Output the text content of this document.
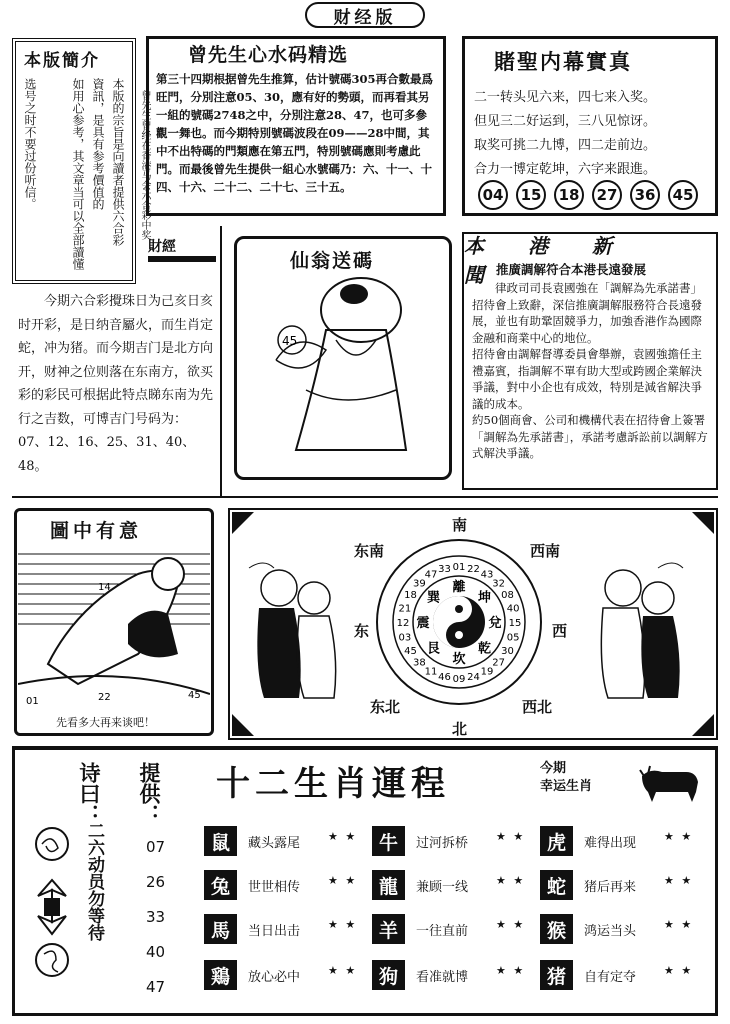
财经版
本版簡介
本版的宗旨是向讀者提供六合彩
資訊，是具有参考價值的
如用心参考，其文章当可以全部讀懂
选号之时不要过份听信。	曾先生曾经在香港马会六合彩中奖
曾先生心水码精选
第三十四期根据曾先生推算，估计號碼305再合數最爲旺門，分別注意05、30，應有好的勢頭，而再看其另一組的號碼2748之中，分別注意28、47，也可多參觀一舞也。而今期特別號碼波段在09——28中間，其中不出特碼的門類應在第五門，特別號碼應則考慮此門。而最後曾先生提供一組心水號碼乃：六、十一、十四、十六、二十二、二十七、三十五。
賭聖内幕實真
二一转头见六来，四七来入奖。
但见三二好运到，三八见惊讶。
取奖可挑二九博，四二走前边。
合力一博定乾坤，六字来跟進。
04 15 18 27 36 45
財經
今期六合彩攪珠日为己亥日亥时开彩，是日纳音屬火，而生肖定蛇，冲为猪。而今期吉门是北方向开，财神之位则落在东南方，欲买彩的彩民可根据此特点睇东南为先行之吉数，可博吉门号码为：07、12、16、25、31、40、48。
仙翁送碼
45
本港新聞
推廣調解符合本港長遠發展
律政司司長袁國強在「調解為先承諾書」招待會上致辭，深信推廣調解服務符合長遠發展，並也有助鞏固競爭力，加強香港作為國際金融和商業中心的地位。
招待會由調解督導委員會舉辦，袁國強擔任主禮嘉賓，指調解不單有助大型或跨國企業解決爭議，對中小企也有成效，特別是減省解決爭議的成本。
約50個商會、公司和機構代表在招待會上簽署「調解為先承諾書」，承諾考慮訴訟前以調解方式解決爭議。
圖中有意
14
01	22	45
先看多大再来谈吧！
離
坤
兌
乾
坎
艮
震
巽
01 22
43
32
08
40
15
05
30
27
19
24
09
46
11
38
45
03
12
21
18
39
47
33
南
东南	西南
东	西
东北	西北
北
诗曰： 提供：
二六动员勿等待	07
26
33
40
47
十二生肖運程	今期
幸运生肖
鼠	藏头露尾	★ ★	牛	过河拆桥	★ ★	虎	难得出现	★ ★
兔	世世相传	★ ★	龍	兼顾一线	★ ★	蛇	猪后再来	★ ★
馬	当日出击	★ ★	羊	一往直前	★ ★	猴	鸿运当头	★ ★
鶏	放心必中	★ ★	狗	看准就博	★ ★	猪	自有定夺	★ ★
